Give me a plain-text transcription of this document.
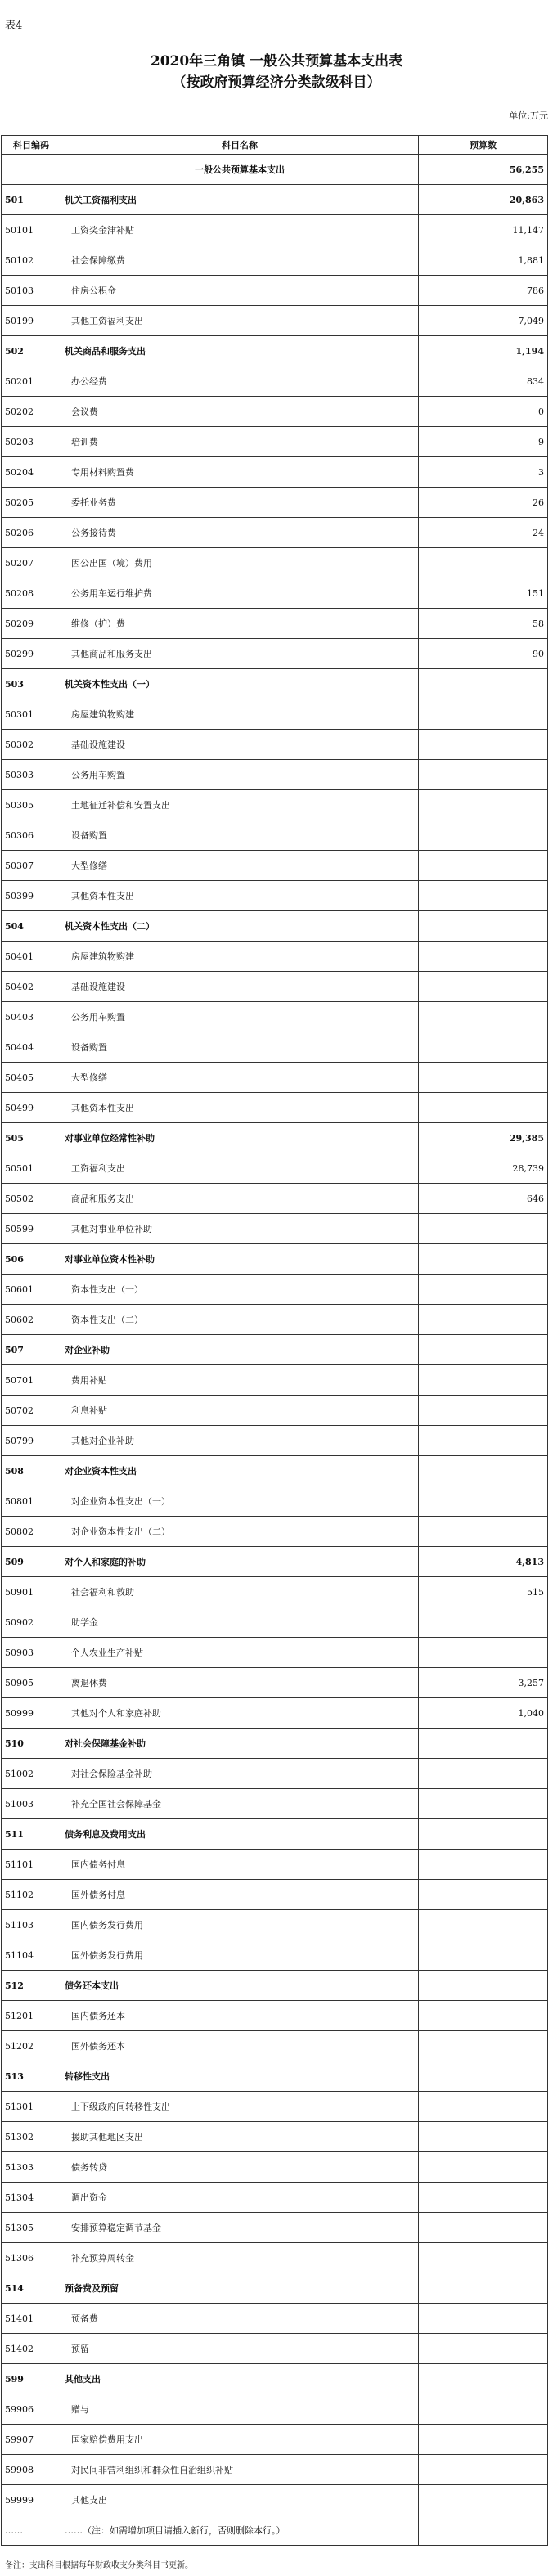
表4
2020年三角镇 一般公共预算基本支出表
（按政府预算经济分类款级科目）
单位:万元
科目编码	科目名称	预算数
	一般公共预算基本支出	56,255
501	机关工资福利支出	20,863
50101	工资奖金津补贴	11,147
50102	社会保障缴费	1,881
50103	住房公积金	786
50199	其他工资福利支出	7,049
502	机关商品和服务支出	1,194
50201	办公经费	834
50202	会议费	0
50203	培训费	9
50204	专用材料购置费	3
50205	委托业务费	26
50206	公务接待费	24
50207	因公出国（境）费用	
50208	公务用车运行维护费	151
50209	维修（护）费	58
50299	其他商品和服务支出	90
503	机关资本性支出（一）	
50301	房屋建筑物购建	
50302	基础设施建设	
50303	公务用车购置	
50305	土地征迁补偿和安置支出	
50306	设备购置	
50307	大型修缮	
50399	其他资本性支出	
504	机关资本性支出（二）	
50401	房屋建筑物购建	
50402	基础设施建设	
50403	公务用车购置	
50404	设备购置	
50405	大型修缮	
50499	其他资本性支出	
505	对事业单位经常性补助	29,385
50501	工资福利支出	28,739
50502	商品和服务支出	646
50599	其他对事业单位补助	
506	对事业单位资本性补助	
50601	资本性支出（一）	
50602	资本性支出（二）	
507	对企业补助	
50701	费用补贴	
50702	利息补贴	
50799	其他对企业补助	
508	对企业资本性支出	
50801	对企业资本性支出（一）	
50802	对企业资本性支出（二）	
509	对个人和家庭的补助	4,813
50901	社会福利和救助	515
50902	助学金	
50903	个人农业生产补贴	
50905	离退休费	3,257
50999	其他对个人和家庭补助	1,040
510	对社会保障基金补助	
51002	对社会保险基金补助	
51003	补充全国社会保障基金	
511	债务利息及费用支出	
51101	国内债务付息	
51102	国外债务付息	
51103	国内债务发行费用	
51104	国外债务发行费用	
512	债务还本支出	
51201	国内债务还本	
51202	国外债务还本	
513	转移性支出	
51301	上下级政府间转移性支出	
51302	援助其他地区支出	
51303	债务转贷	
51304	调出资金	
51305	安排预算稳定调节基金	
51306	补充预算周转金	
514	预备费及预留	
51401	预备费	
51402	预留	
599	其他支出	
59906	赠与	
59907	国家赔偿费用支出	
59908	对民间非营利组织和群众性自治组织补贴	
59999	其他支出	
……	……（注：如需增加项目请插入新行，否则删除本行。）	
备注：支出科目根据每年财政收支分类科目书更新。
